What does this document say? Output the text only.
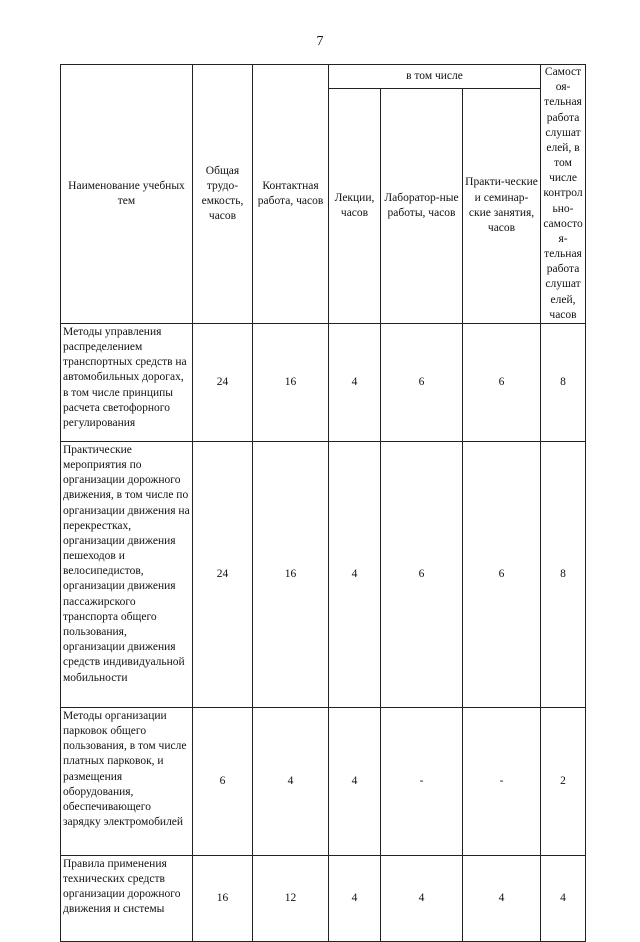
7
Наименование учебных тем	Общая трудо-емкость, часов	Контактная работа, часов	в том числе			Самостоя-тельная работа слушателей, в том числе контрольно-самостоя-тельная работа слушателей, часов
			Лекции, часов	Лаборатор-ные работы, часов	Практи-ческие и семинар-ские занятия, часов	
Методы управления распределением транспортных средств на автомобильных дорогах, в том числе принципы расчета светофорного регулирования	24	16	4	6	6	8
Практические мероприятия по организации дорожного движения, в том числе по организации движения на перекрестках, организации движения пешеходов и велосипедистов, организации движения пассажирского транспорта общего пользования, организации движения средств индивидуальной мобильности	24	16	4	6	6	8
Методы организации парковок общего пользования, в том числе платных парковок, и размещения оборудования, обеспечивающего зарядку электромобилей	6	4	4	-	-	2
Правила применения технических средств организации дорожного движения и системы	16	12	4	4	4	4
